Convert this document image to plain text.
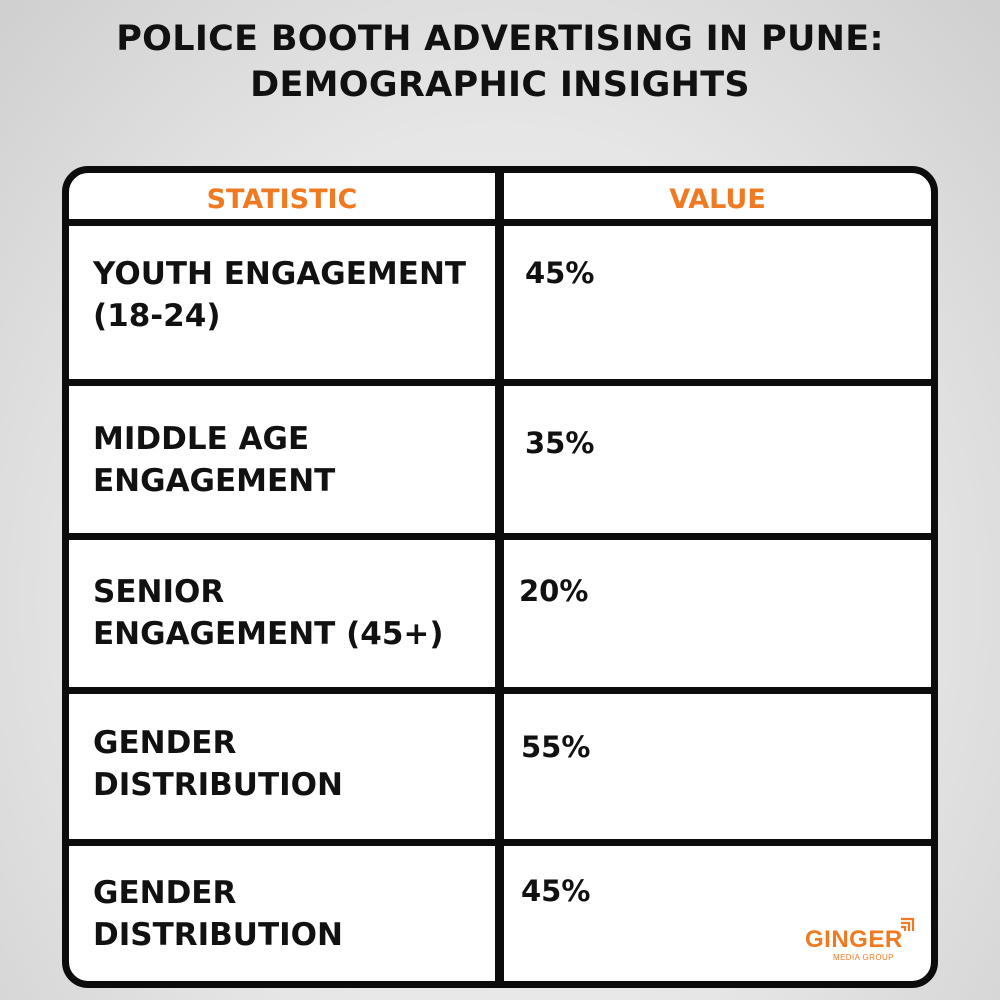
POLICE BOOTH ADVERTISING IN PUNE:
DEMOGRAPHIC INSIGHTS
STATISTIC	VALUE
YOUTH ENGAGEMENT
(18-24)
45%
MIDDLE AGE
ENGAGEMENT
35%
SENIOR
ENGAGEMENT (45+)
20%
GENDER
DISTRIBUTION
55%
GENDER
DISTRIBUTION
45%
GINGER
MEDIA GROUP
